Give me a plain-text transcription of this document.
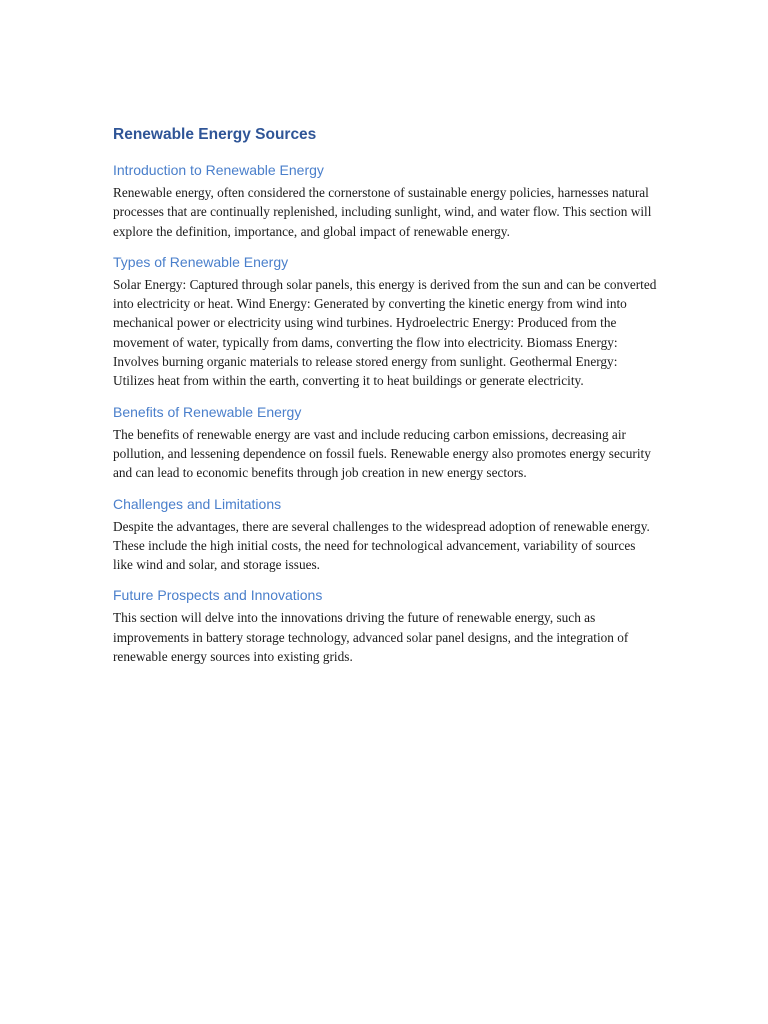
Renewable Energy Sources
Introduction to Renewable Energy

Renewable energy, often considered the cornerstone of sustainable energy policies, harnesses natural processes that are continually replenished, including sunlight, wind, and water flow. This section will explore the definition, importance, and global impact of renewable energy.

Types of Renewable Energy

Solar Energy: Captured through solar panels, this energy is derived from the sun and can be converted into electricity or heat. Wind Energy: Generated by converting the kinetic energy from wind into mechanical power or electricity using wind turbines. Hydroelectric Energy: Produced from the movement of water, typically from dams, converting the flow into electricity. Biomass Energy: Involves burning organic materials to release stored energy from sunlight. Geothermal Energy: Utilizes heat from within the earth, converting it to heat buildings or generate electricity.

Benefits of Renewable Energy

The benefits of renewable energy are vast and include reducing carbon emissions, decreasing air pollution, and lessening dependence on fossil fuels. Renewable energy also promotes energy security and can lead to economic benefits through job creation in new energy sectors.

Challenges and Limitations

Despite the advantages, there are several challenges to the widespread adoption of renewable energy. These include the high initial costs, the need for technological advancement, variability of sources like wind and solar, and storage issues.

Future Prospects and Innovations

This section will delve into the innovations driving the future of renewable energy, such as improvements in battery storage technology, advanced solar panel designs, and the integration of renewable energy sources into existing grids.
